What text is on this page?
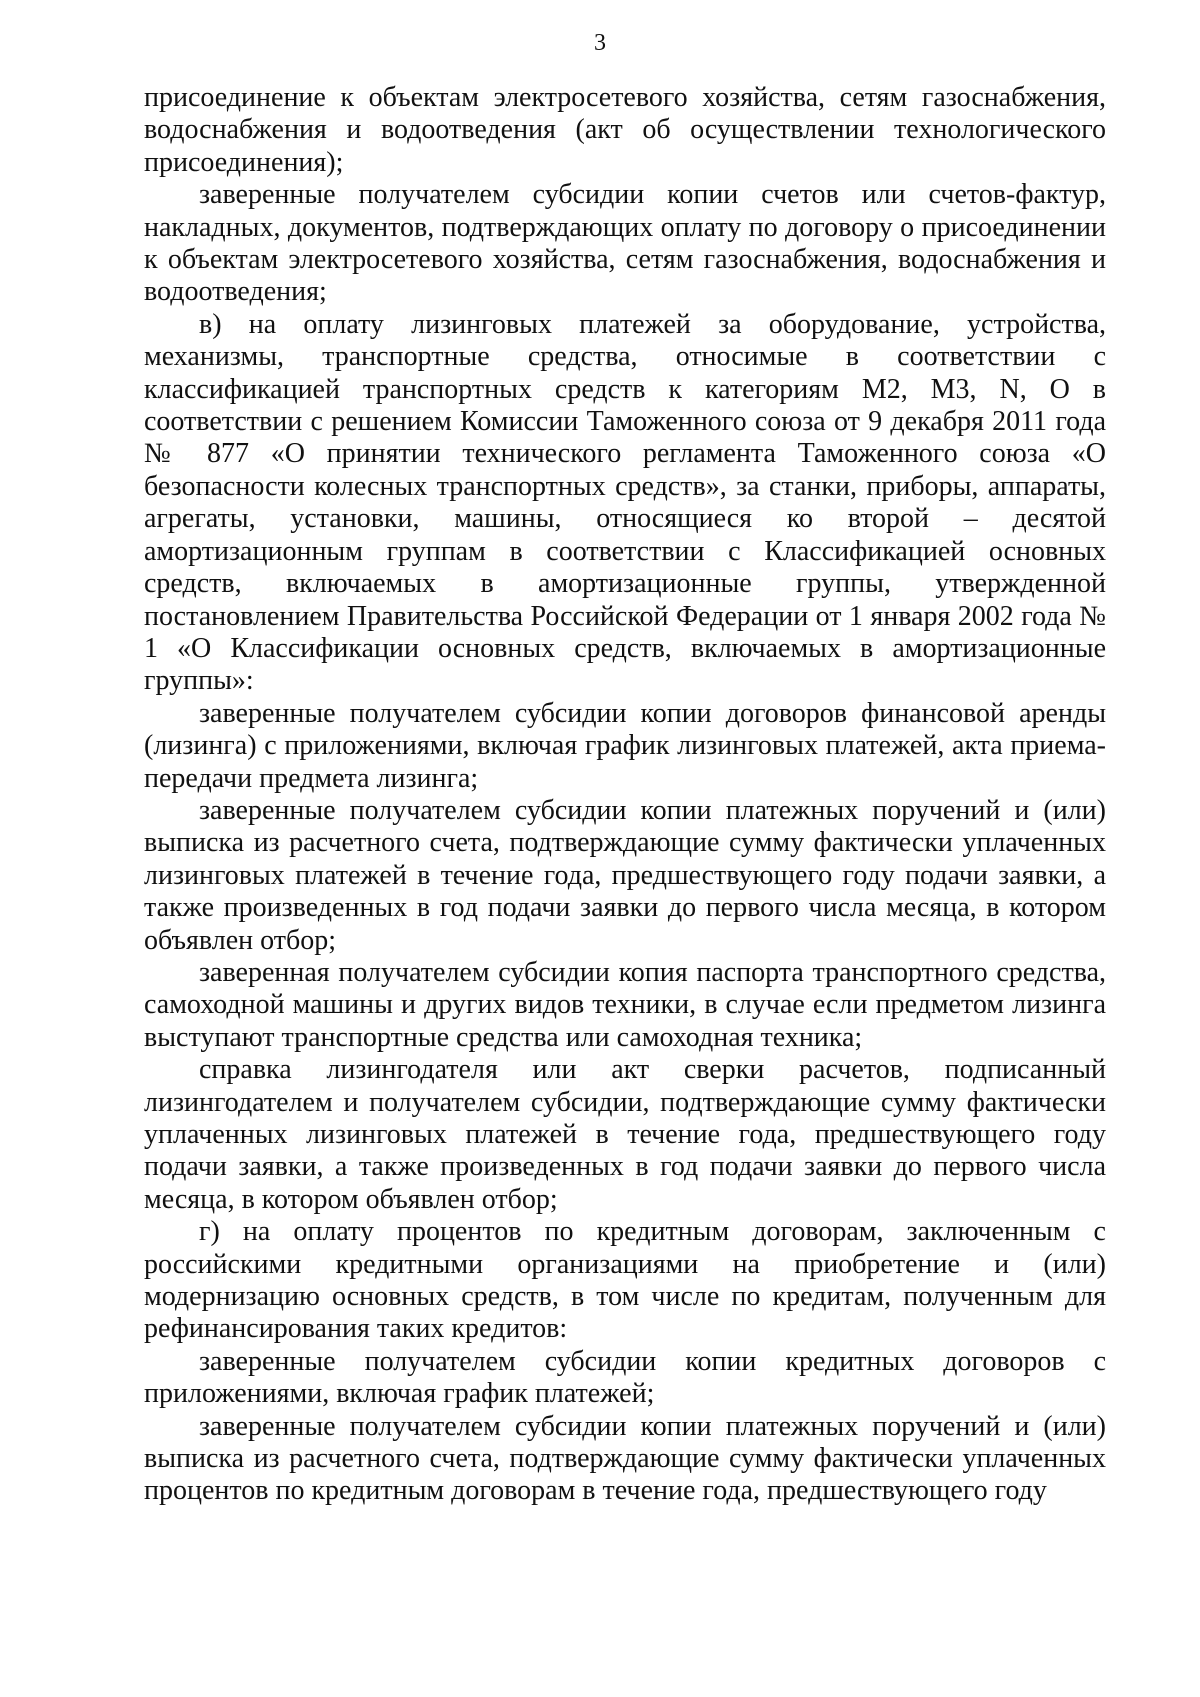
3

присоединение к объектам электросетевого хозяйства, сетям газоснабжения, водоснабжения и водоотведения (акт об осуществлении технологического присоединения);

заверенные получателем субсидии копии счетов или счетов-фактур, накладных, документов, подтверждающих оплату по договору о присоединении к объектам электросетевого хозяйства, сетям газоснабжения, водоснабжения и водоотведения;

в) на оплату лизинговых платежей за оборудование, устройства, механизмы, транспортные средства, относимые в соответствии с классификацией транспортных средств к категориям М2, М3, N, О в соответствии с решением Комиссии Таможенного союза от 9 декабря 2011 года № 877 «О принятии технического регламента Таможенного союза «О безопасности колесных транспортных средств», за станки, приборы, аппараты, агрегаты, установки, машины, относящиеся ко второй – десятой амортизационным группам в соответствии с Классификацией основных средств, включаемых в амортизационные группы, утвержденной постановлением Правительства Российской Федерации от 1 января 2002 года № 1 «О Классификации основных средств, включаемых в амортизационные группы»:

заверенные получателем субсидии копии договоров финансовой аренды (лизинга) с приложениями, включая график лизинговых платежей, акта приема-передачи предмета лизинга;

заверенные получателем субсидии копии платежных поручений и (или) выписка из расчетного счета, подтверждающие сумму фактически уплаченных лизинговых платежей в течение года, предшествующего году подачи заявки, а также произведенных в год подачи заявки до первого числа месяца, в котором объявлен отбор;

заверенная получателем субсидии копия паспорта транспортного средства, самоходной машины и других видов техники, в случае если предметом лизинга выступают транспортные средства или самоходная техника;

справка лизингодателя или акт сверки расчетов, подписанный лизингодателем и получателем субсидии, подтверждающие сумму фактически уплаченных лизинговых платежей в течение года, предшествующего году подачи заявки, а также произведенных в год подачи заявки до первого числа месяца, в котором объявлен отбор;

г) на оплату процентов по кредитным договорам, заключенным с российскими кредитными организациями на приобретение и (или) модернизацию основных средств, в том числе по кредитам, полученным для рефинансирования таких кредитов:

заверенные получателем субсидии копии кредитных договоров с приложениями, включая график платежей;

заверенные получателем субсидии копии платежных поручений и (или) выписка из расчетного счета, подтверждающие сумму фактически уплаченных процентов по кредитным договорам в течение года, предшествующего году
